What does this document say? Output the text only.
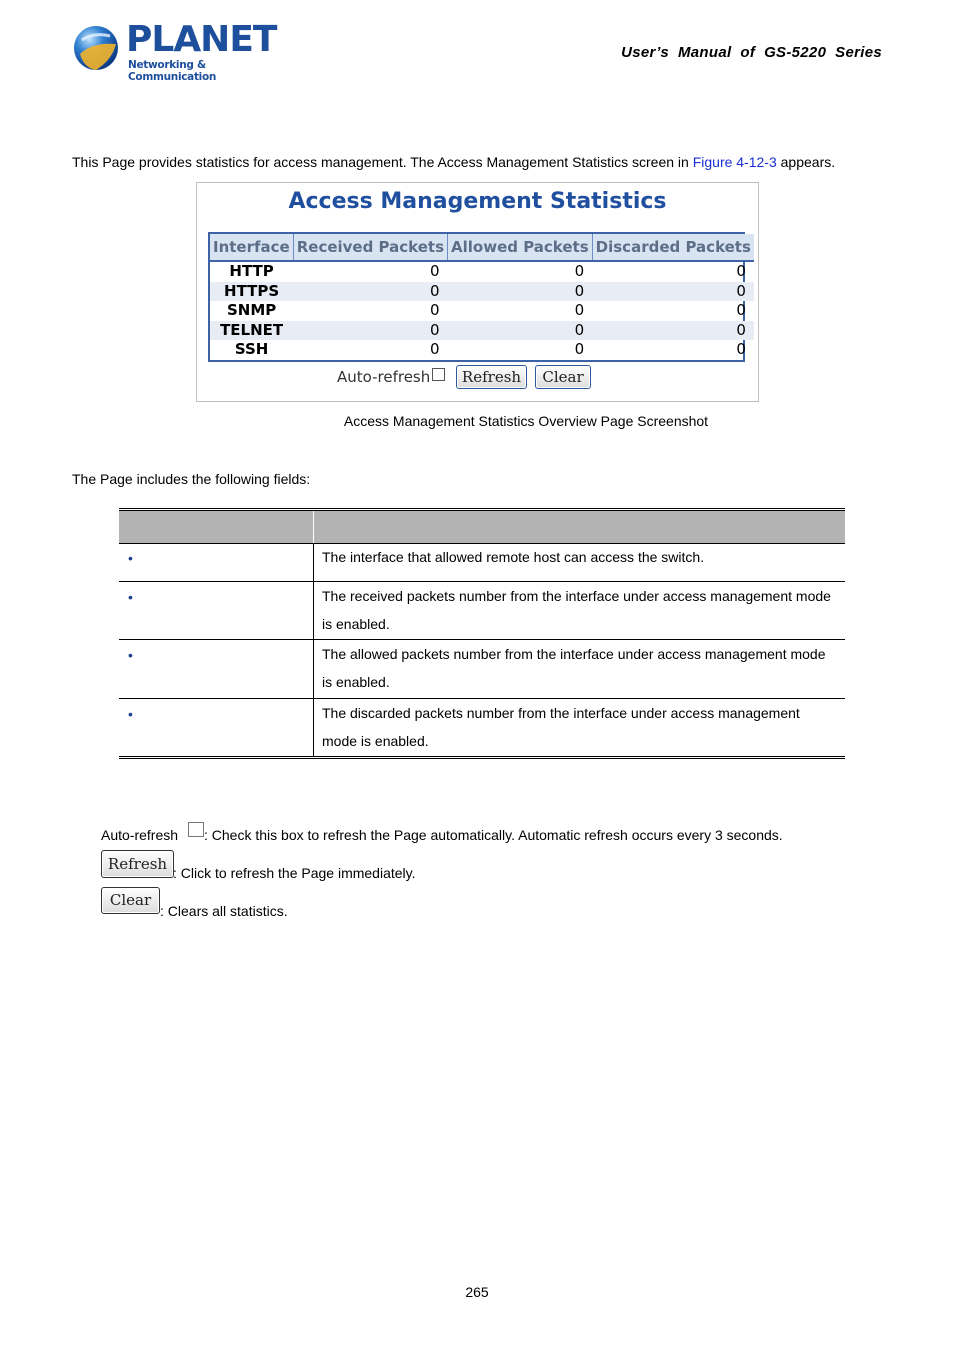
PLANET
Networking & Communication
User’s  Manual  of  GS-5220  Series
This Page provides statistics for access management. The Access Management Statistics screen in Figure 4-12-3 appears.
Access Management Statistics
Interface	Received Packets	Allowed Packets	Discarded Packets
HTTP	0	0	0
HTTPS	0	0	0
SNMP	0	0	0
TELNET	0	0	0
SSH	0	0	0
Auto-refresh	Refresh	Clear
Access Management Statistics Overview Page Screenshot
The Page includes the following fields:
•	The interface that allowed remote host can access the switch.
•	The received packets number from the interface under access management mode is enabled.
•	The allowed packets number from the interface under access management mode is enabled.
•	The discarded packets number from the interface under access management mode is enabled.
Auto-refresh : Check this box to refresh the Page automatically. Automatic refresh occurs every 3 seconds.
Refresh : Click to refresh the Page immediately.
Clear
: Clears all statistics.
265
